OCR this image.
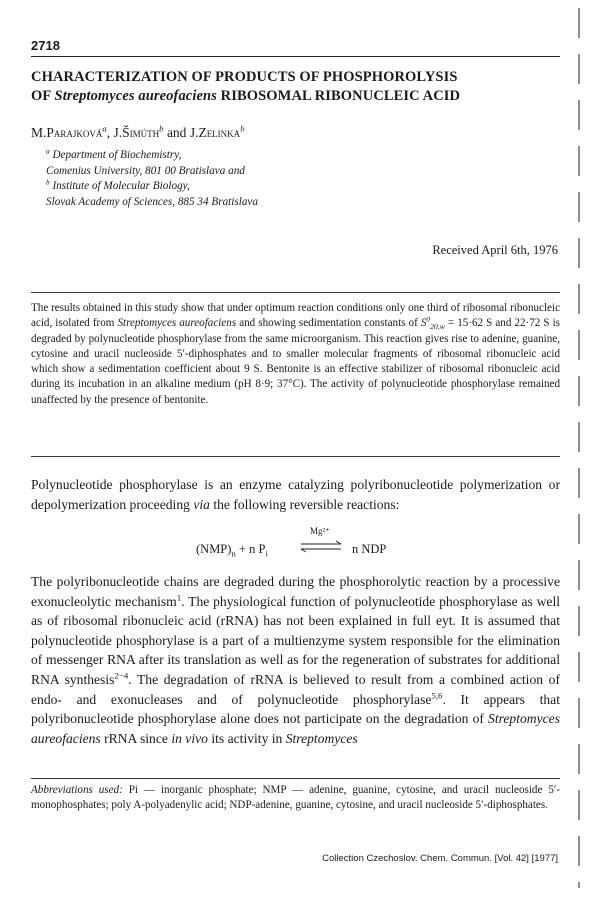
2718
CHARACTERIZATION OF PRODUCTS OF PHOSPHOROLYSIS
OF Streptomyces aureofaciens RIBOSOMAL RIBONUCLEIC ACID
M.Parajková$^a$, J.Šimúth$^b$ and J.Zelinka$^b$
$^a$ Department of Biochemistry,
Comenius University, 801 00 Bratislava and
$^b$ Institute of Molecular Biology,
Slovak Academy of Sciences, 885 34 Bratislava
Received April 6th, 1976
The results obtained in this study show that under optimum reaction conditions only one third of ribosomal ribonucleic acid, isolated from Streptomyces aureofaciens and showing sedimentation constants of $S^0_{20,w} = 15\cdot 62$ S and 22·72 S is degraded by polynucleotide phosphorylase from the same microorganism. This reaction gives rise to adenine, guanine, cytosine and uracil nucleoside 5′-diphosphates and to smaller molecular fragments of ribosomal ribonucleic acid which show a sedimentation coefficient about 9 S. Bentonite is an effective stabilizer of ribosomal ribonucleic acid during its incubation in an alkaline medium (pH 8·9; 37°C). The activity of polynucleotide phosphorylase remained unaffected by the presence of bentonite.
Polynucleotide phosphorylase is an enzyme catalyzing polyribonucleotide polymerization or depolymerization proceeding via the following reversible reactions:
$(NMP)_n + n$ $P_i$
Mg²⁺
⇌ n NDP
The polyribonucleotide chains are degraded during the phosphorolytic reaction by a processive exonucleolytic mechanism$^1$. The physiological function of polynucleotide phosphorylase as well as of ribosomal ribonucleic acid (rRNA) has not been explained in full eyt. It is assumed that polynucleotide phosphorylase is a part of a multienzyme system responsible for the elimination of messenger RNA after its translation as well as for the regeneration of substrates for additional RNA synthesis$^{2-4}$. The degradation of rRNA is believed to result from a combined action of endo- and exonucleases and of polynucleotide phosphorylase$^{5,6}$. It appears that polyribonucleotide phosphorylase alone does not participate on the degradation of Streptomyces aureofaciens rRNA since in vivo its activity in Streptomyces
Abbreviations used: Pi — inorganic phosphate; NMP — adenine, guanine, cytosine, and uracil nucleoside 5′-monophosphates; poly A-polyadenylic acid; NDP-adenine, guanine, cytosine, and uracil nucleoside 5′-diphosphates.
Collection Czechoslov. Chem. Commun. [Vol. 42] [1977]
